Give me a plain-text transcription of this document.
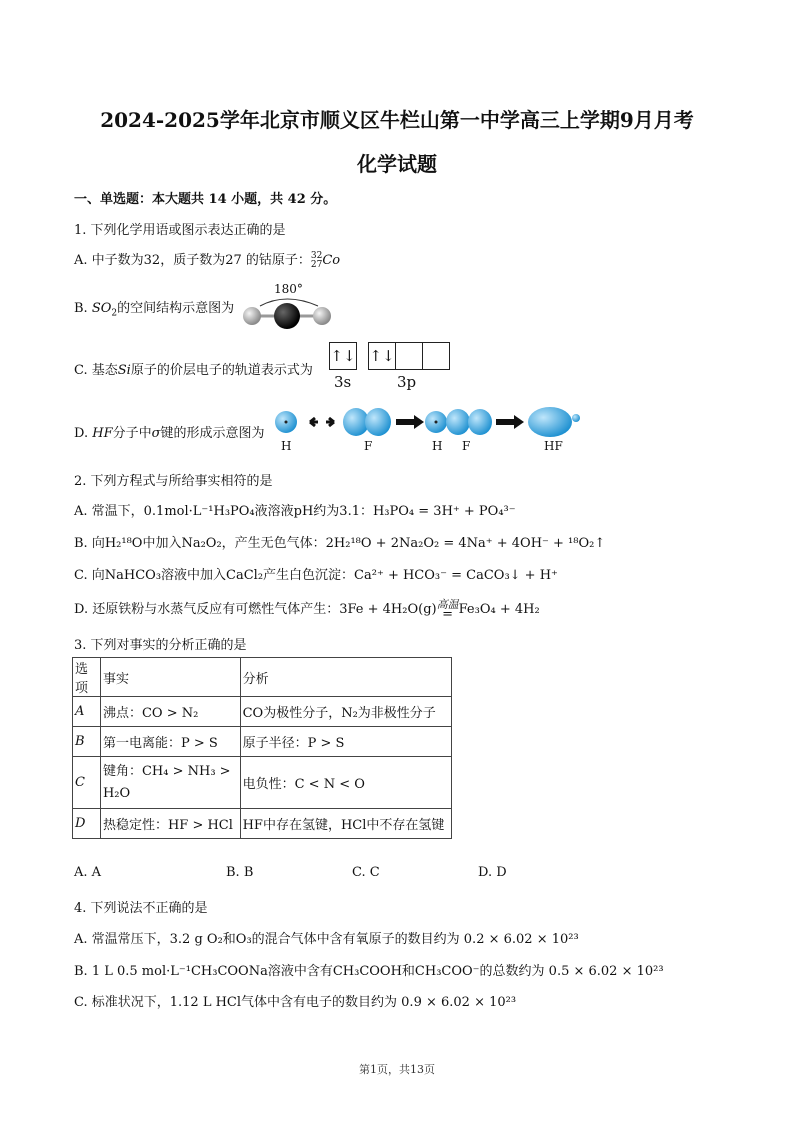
2024-2025学年北京市顺义区牛栏山第一中学高三上学期9月月考
化学试题
一、单选题：本大题共 14 小题，共 42 分。
1. 下列化学用语或图示表达正确的是
A. 中子数为32，质子数为27 的钴原子： 32
27 Co
B. $SO_2$的空间结构示意图为
180°
C. 基态Si原子的价层电子的轨道表示式为
↑↓ ↑↓
3s	3p
D. HF分子中σ键的形成示意图为
H	F	H F	HF
2. 下列方程式与所给事实相符的是
A. 常温下，0.1mol·L⁻¹H₃PO₄液溶液pH约为3.1：H₃PO₄ = 3H⁺ + PO₄³⁻
B. 向H₂¹⁸O中加入Na₂O₂，产生无色气体：2H₂¹⁸O + 2Na₂O₂ = 4Na⁺ + 4OH⁻ + ¹⁸O₂↑
C. 向NaHCO₃溶液中加入CaCl₂产生白色沉淀：Ca²⁺ + HCO₃⁻ = CaCO₃↓ + H⁺
D. 还原铁粉与水蒸气反应有可燃性气体产生：3Fe + 4H₂O(g) 高温
= Fe₃O₄ + 4H₂
3. 下列对事实的分析正确的是
选项	事实	分析
A	沸点：CO > N₂	CO为极性分子，N₂为非极性分子
B	第一电离能：P > S	原子半径：P > S
C	键角：CH₄ > NH₃ > H₂O	电负性：C < N < O
D	热稳定性：HF > HCl	HF中存在氢键，HCl中不存在氢键
A. A	B. B	C. C	D. D
4. 下列说法不正确的是
A. 常温常压下，3.2 g O₂和O₃的混合气体中含有氧原子的数目约为 0.2 × 6.02 × 10²³
B. 1 L 0.5 mol·L⁻¹CH₃COONa溶液中含有CH₃COOH和CH₃COO⁻的总数约为 0.5 × 6.02 × 10²³
C. 标准状况下，1.12 L HCl气体中含有电子的数目约为 0.9 × 6.02 × 10²³
第1页，共13页
